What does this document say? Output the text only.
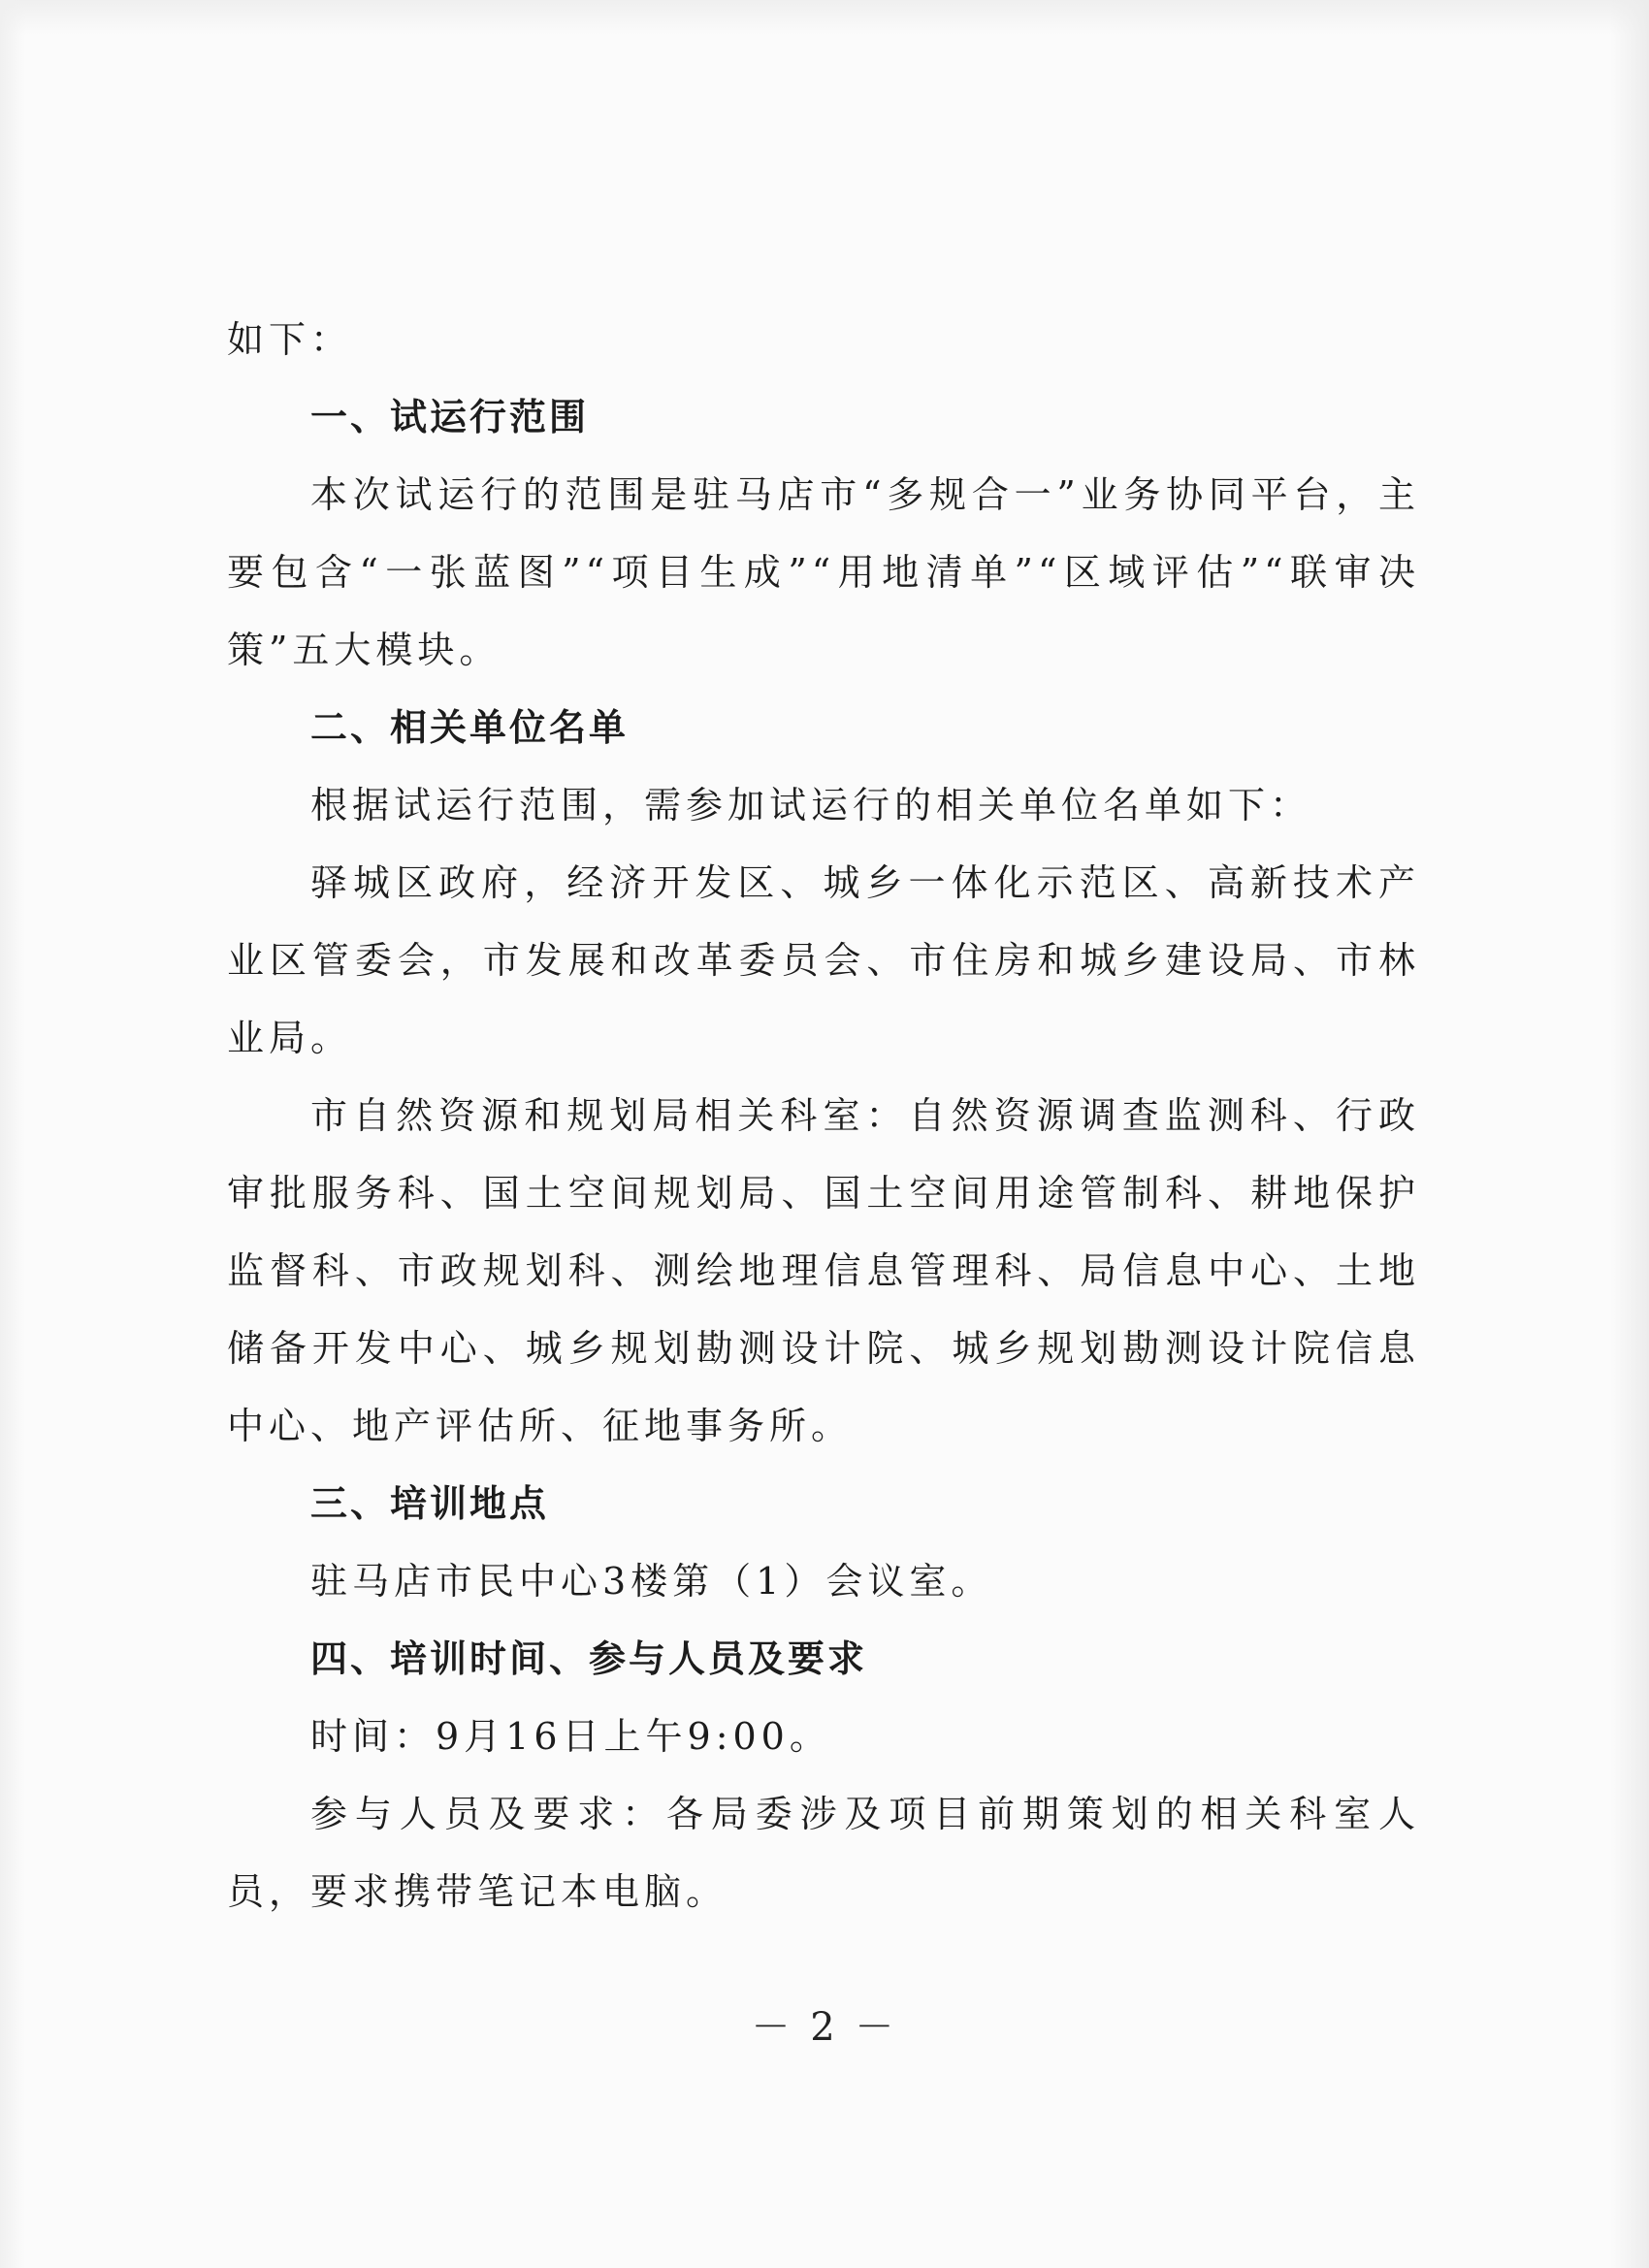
如下：

一、试运行范围

本次试运行的范围是驻马店市“多规合一”业务协同平台，主要包含“一张蓝图”“项目生成”“用地清单”“区域评估”“联审决策”五大模块。

二、相关单位名单

根据试运行范围，需参加试运行的相关单位名单如下：

驿城区政府，经济开发区、城乡一体化示范区、高新技术产业区管委会，市发展和改革委员会、市住房和城乡建设局、市林业局。

市自然资源和规划局相关科室：自然资源调查监测科、行政审批服务科、国土空间规划局、国土空间用途管制科、耕地保护监督科、市政规划科、测绘地理信息管理科、局信息中心、土地储备开发中心、城乡规划勘测设计院、城乡规划勘测设计院信息中心、地产评估所、征地事务所。

三、培训地点

驻马店市民中心3楼第（1）会议室。

四、培训时间、参与人员及要求

时间：9月16日上午9:00。

参与人员及要求：各局委涉及项目前期策划的相关科室人员，要求携带笔记本电脑。

－ 2 －
